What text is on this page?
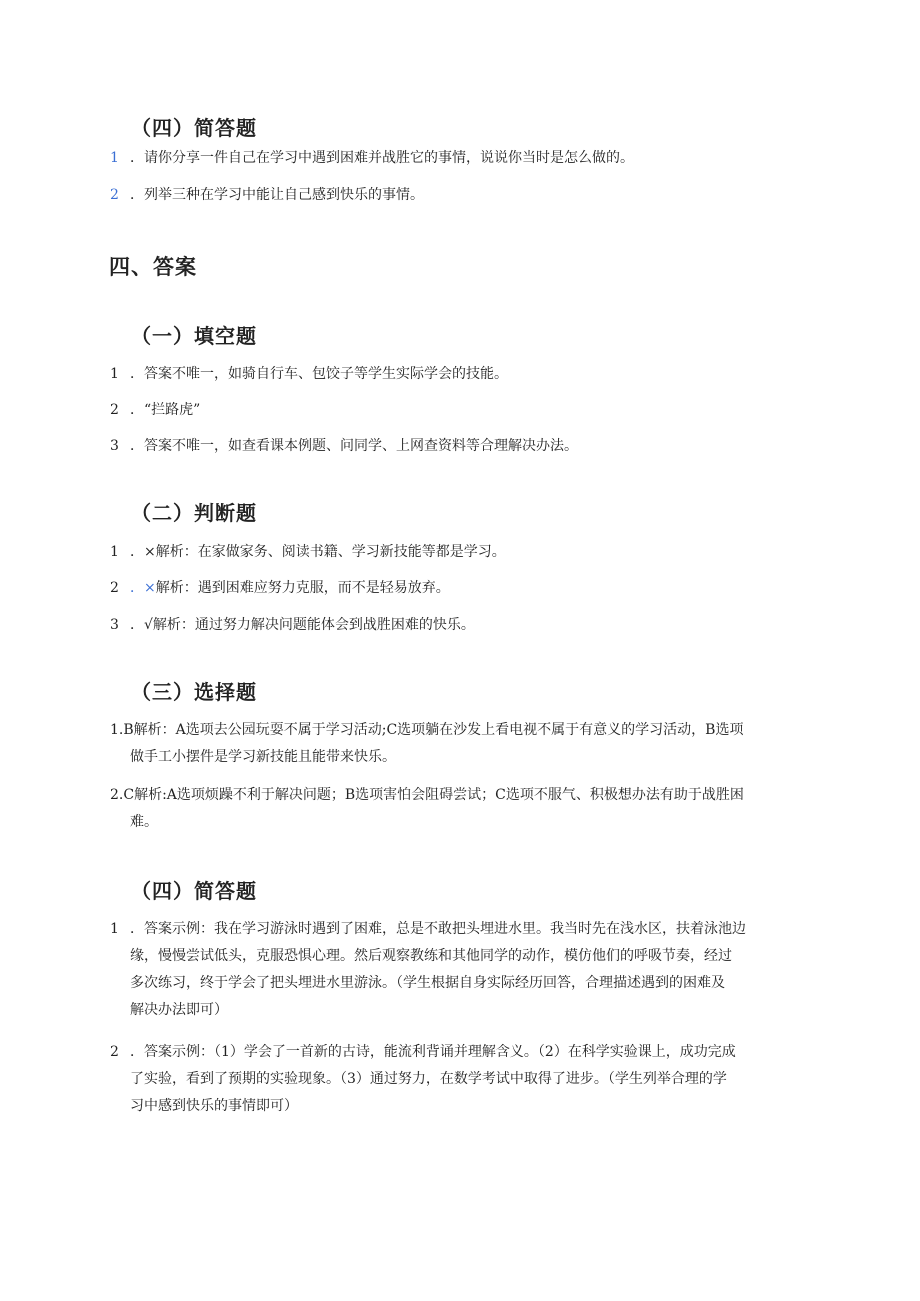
（四）简答题
1 ．请你分享一件自己在学习中遇到困难并战胜它的事情，说说你当时是怎么做的。
2 ．列举三种在学习中能让自己感到快乐的事情。
四、答案
（一）填空题
1 ．答案不唯一，如骑自行车、包饺子等学生实际学会的技能。
2 ．“拦路虎”
3 ．答案不唯一，如查看课本例题、问同学、上网查资料等合理解决办法。
（二）判断题
1 ．×解析：在家做家务、阅读书籍、学习新技能等都是学习。
2 ．×解析：遇到困难应努力克服，而不是轻易放弃。
3 ．√解析：通过努力解决问题能体会到战胜困难的快乐。
（三）选择题
1.B解析：A选项去公园玩耍不属于学习活动;C选项躺在沙发上看电视不属于有意义的学习活动，B选项
做手工小摆件是学习新技能且能带来快乐。
2.C解析:A选项烦躁不利于解决问题；B选项害怕会阻碍尝试；C选项不服气、积极想办法有助于战胜困
难。
（四）简答题
1 ．答案示例：我在学习游泳时遇到了困难，总是不敢把头埋进水里。我当时先在浅水区，扶着泳池边
缘，慢慢尝试低头，克服恐惧心理。然后观察教练和其他同学的动作，模仿他们的呼吸节奏，经过
多次练习，终于学会了把头埋进水里游泳。（学生根据自身实际经历回答，合理描述遇到的困难及
解决办法即可）
2 ．答案示例：（1）学会了一首新的古诗，能流利背诵并理解含义。（2）在科学实验课上，成功完成
了实验，看到了预期的实验现象。（3）通过努力，在数学考试中取得了进步。（学生列举合理的学
习中感到快乐的事情即可）
